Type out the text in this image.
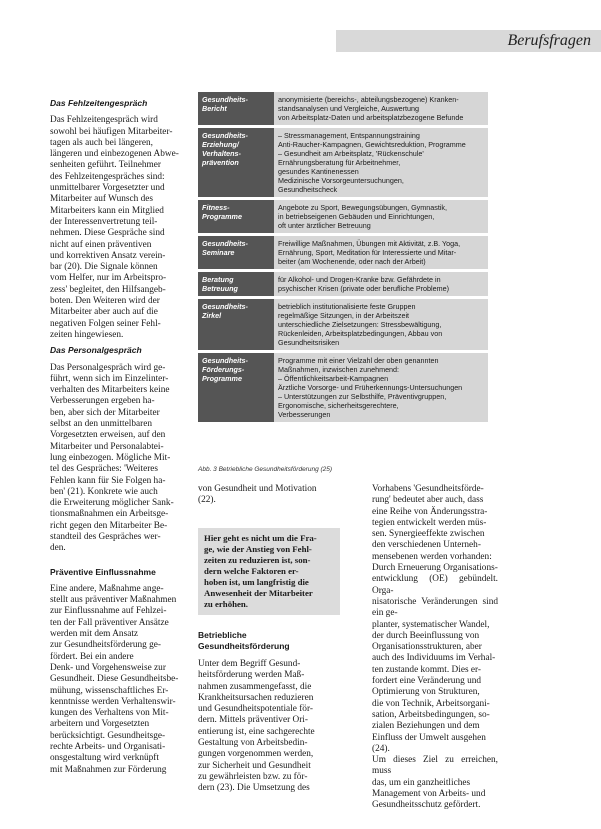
Berufsfragen
Das Fehlzeitengespräch
Das Fehlzeitengespräch wird
sowohl bei häufigen Mitarbeiter-
tagen als auch bei längeren,
längeren und einbezogenen Abwe-
senheiten geführt. Teilnehmer
des Fehlzeitengespräches sind:
unmittelbarer Vorgesetzter und
Mitarbeiter auf Wunsch des
Mitarbeiters kann ein Mitglied
der Interessenvertretung teil-
nehmen. Diese Gespräche sind
nicht auf einen präventiven
und korrektiven Ansatz verein-
bar (20). Die Signale können
vom Helfer, nur im Arbeitspro-
zess' begleitet, den Hilfsangeb-
boten. Den Weiteren wird der
Mitarbeiter aber auch auf die
negativen Folgen seiner Fehl-
zeiten hingewiesen.
Das Personalgespräch
Das Personalgespräch wird ge-
führt, wenn sich im Einzelinter-
verhalten des Mitarbeiters keine
Verbesserungen ergeben ha-
ben, aber sich der Mitarbeiter
selbst an den unmittelbaren
Vorgesetzten erweisen, auf den
Mitarbeiter und Personalabtei-
lung einbezogen. Mögliche Mit-
tel des Gespräches: 'Weiteres
Fehlen kann für Sie Folgen ha-
ben' (21). Konkrete wie auch
die Erweiterung möglicher Sank-
tionsmaßnahmen ein Arbeitsge-
richt gegen den Mitarbeiter Be-
standteil des Gespräches wer-
den.
Präventive Einflussnahme
Eine andere, Maßnahme ange-
stellt aus präventiver Maßnahmen
zur Einflussnahme auf Fehlzei-
ten der Fall präventiver Ansätze
werden mit dem Ansatz
zur Gesundheitsförderung ge-
fördert. Bei ein andere
Denk- und Vorgehensweise zur
Gesundheit. Diese Gesundheitsbe-
mühung, wissenschaftliches Er-
kenntnisse werden Verhaltenswir-
kungen des Verhaltens von Mit-
arbeitern und Vorgesetzten
berücksichtigt. Gesundheitsge-
rechte Arbeits- und Organisati-
onsgestaltung wird verknüpft
mit Maßnahmen zur Förderung
Gesundheits-
Bericht
anonymisierte (bereichs-, abteilungsbezogene) Kranken-
standsanalysen und Vergleiche, Auswertung
von Arbeitsplatz-Daten und arbeitsplatzbezogene Befunde
Gesundheits-
Erziehung/
Verhaltens-
prävention
– Stressmanagement, Entspannungstraining
Anti-Raucher-Kampagnen, Gewichtsreduktion, Programme
– Gesundheit am Arbeitsplatz, 'Rückenschule'
Ernährungsberatung für Arbeitnehmer,
gesundes Kantinenessen
Medizinische Vorsorgeuntersuchungen,
Gesundheitscheck
Fitness-
Programme
Angebote zu Sport, Bewegungsübungen, Gymnastik,
in betriebseigenen Gebäuden und Einrichtungen,
oft unter ärztlicher Betreuung
Gesundheits-
Seminare
Freiwillige Maßnahmen, Übungen mit Aktivität, z.B. Yoga,
Ernährung, Sport, Meditation für Interessierte und Mitar-
beiter (am Wochenende, oder nach der Arbeit)
Beratung
Betreuung
für Alkohol- und Drogen-Kranke bzw. Gefährdete in
psychischer Krisen (private oder berufliche Probleme)
Gesundheits-
Zirkel
betrieblich institutionalisierte feste Gruppen
regelmäßige Sitzungen, in der Arbeitszeit
unterschiedliche Zielsetzungen: Stressbewältigung,
Rückenleiden, Arbeitsplatzbedingungen, Abbau von
Gesundheitsrisiken
Gesundheits-
Förderungs-
Programme
Programme mit einer Vielzahl der oben genannten
Maßnahmen, inzwischen zunehmend:
– Öffentlichkeitsarbeit-Kampagnen
Ärztliche Vorsorge- und Früherkennungs-Untersuchungen
– Unterstützungen zur Selbsthilfe, Präventivgruppen,
Ergonomische, sicherheitsgerechtere,
Verbesserungen
Abb. 3 Betriebliche Gesundheitsförderung (25)
von Gesundheit und Motivation
(22).
Hier geht es nicht um die Fra-
ge, wie der Anstieg von Fehl-
zeiten zu reduzieren ist, son-
dern welche Faktoren er-
hoben ist, um langfristig die
Anwesenheit der Mitarbeiter
zu erhöhen.
Betriebliche
Gesundheitsförderung
Unter dem Begriff Gesund-
heitsförderung werden Maß-
nahmen zusammengefasst, die
Krankheitsursachen reduzieren
und Gesundheitspotentiale för-
dern. Mittels präventiver Ori-
entierung ist, eine sachgerechte
Gestaltung von Arbeitsbedin-
gungen vorgenommen werden,
zur Sicherheit und Gesundheit
zu gewährleisten bzw. zu för-
dern (23). Die Umsetzung des
Vorhabens 'Gesundheitsförde-
rung' bedeutet aber auch, dass
eine Reihe von Änderungsstra-
tegien entwickelt werden müs-
sen. Synergieeffekte zwischen
den verschiedenen Unterneh-
mensebenen werden vorhanden:
Durch Erneuerung Organisations-
entwicklung (OE) gebündelt. Orga-
nisatorische Veränderungen sind ein ge-
planter, systematischer Wandel,
der durch Beeinflussung von
Organisationsstrukturen, aber
auch des Individuums im Verhal-
ten zustande kommt. Dies er-
fordert eine Veränderung und
Optimierung von Strukturen,
die von Technik, Arbeitsorgani-
sation, Arbeitsbedingungen, so-
zialen Beziehungen und dem
Einfluss der Umwelt ausgehen
(24).
Um dieses Ziel zu erreichen, muss
das, um ein ganzheitliches
Management von Arbeits- und
Gesundheitsschutz gefördert.
